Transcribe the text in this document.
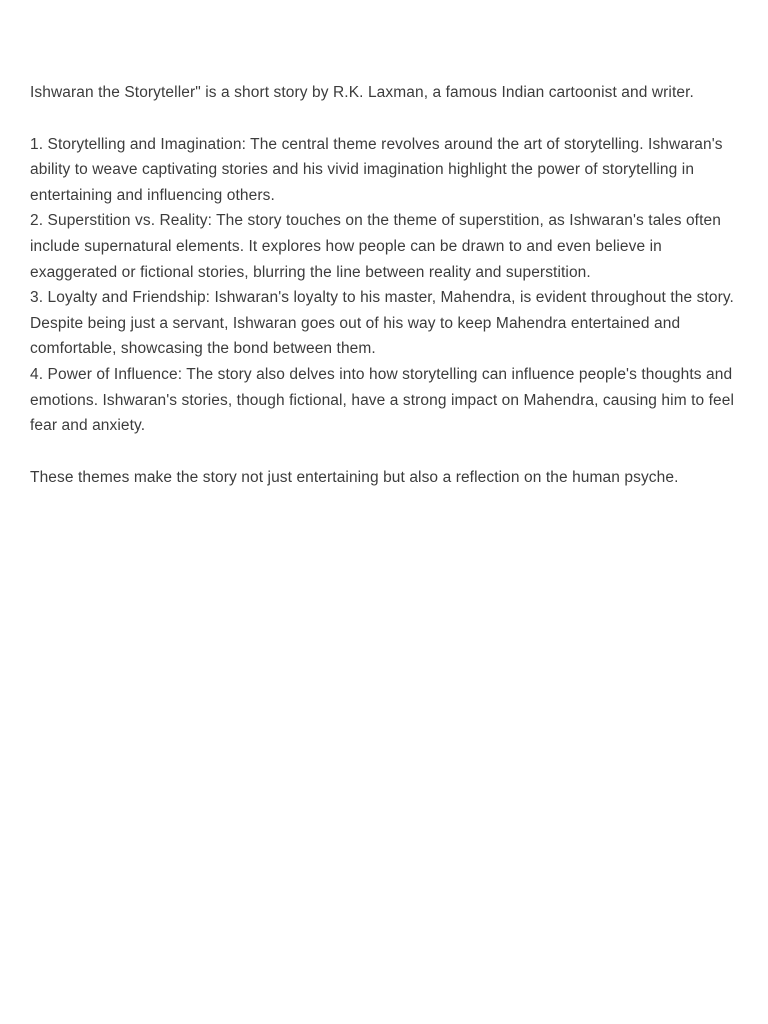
Ishwaran the Storyteller" is a short story by R.K. Laxman, a famous Indian cartoonist and writer.

1. Storytelling and Imagination: The central theme revolves around the art of storytelling. Ishwaran's ability to weave captivating stories and his vivid imagination highlight the power of storytelling in entertaining and influencing others.

2. Superstition vs. Reality: The story touches on the theme of superstition, as Ishwaran's tales often include supernatural elements. It explores how people can be drawn to and even believe in exaggerated or fictional stories, blurring the line between reality and superstition.

3. Loyalty and Friendship: Ishwaran's loyalty to his master, Mahendra, is evident throughout the story. Despite being just a servant, Ishwaran goes out of his way to keep Mahendra entertained and comfortable, showcasing the bond between them.

4. Power of Influence: The story also delves into how storytelling can influence people's thoughts and emotions. Ishwaran's stories, though fictional, have a strong impact on Mahendra, causing him to feel fear and anxiety.

These themes make the story not just entertaining but also a reflection on the human psyche.
